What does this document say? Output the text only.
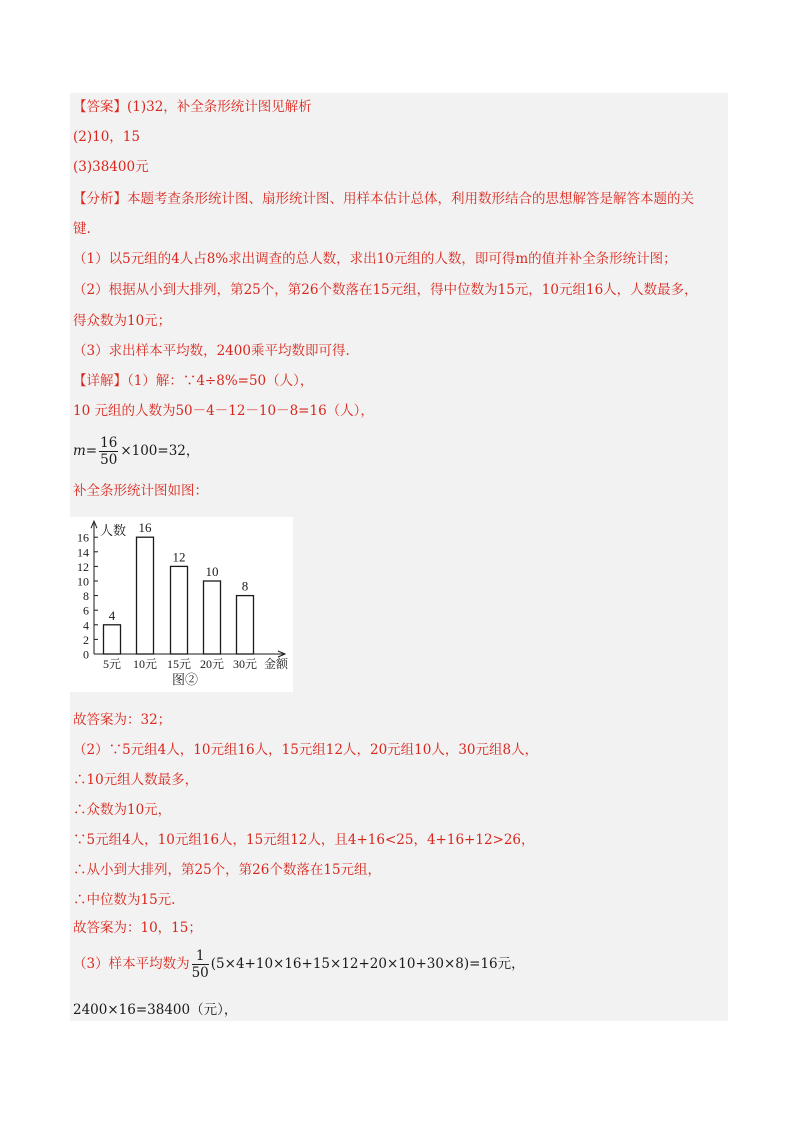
【答案】(1)32，补全条形统计图见解析
(2)10，15
(3)38400元
【分析】本题考查条形统计图、扇形统计图、用样本估计总体，利用数形结合的思想解答是解答本题的关
键.
（1）以5元组的4人占8%求出调查的总人数，求出10元组的人数，即可得m的值并补全条形统计图；
（2）根据从小到大排列，第25个，第26个数落在15元组，得中位数为15元，10元组16人，人数最多，
得众数为10元；
（3）求出样本平均数，2400乘平均数即可得.
【详解】（1）解：∵4÷8%=50（人），
10 元组的人数为50－4－12－10－8=16（人），
$m= \frac{16}{50} \times 100=32$，
补全条形统计图如图：
0
2
4
6
8
10
12
14
16 人数
4
5元
16
10元
12
15元
10
20元
8
30元 金额
图②
故答案为：32；
（2）∵5元组4人，10元组16人，15元组12人，20元组10人，30元组8人，
∴10元组人数最多，
∴众数为10元，
∵5元组4人，10元组16人，15元组12人，且4+16<25，4+16+12>26，
∴从小到大排列，第25个，第26个数落在15元组，
∴中位数为15元.
故答案为：10，15；
（3）样本平均数为 $\frac{1}{50} (5\times 4+10\times 16+15\times 12+20\times 10+30\times 8)=16$元，
2400×16=38400（元），
